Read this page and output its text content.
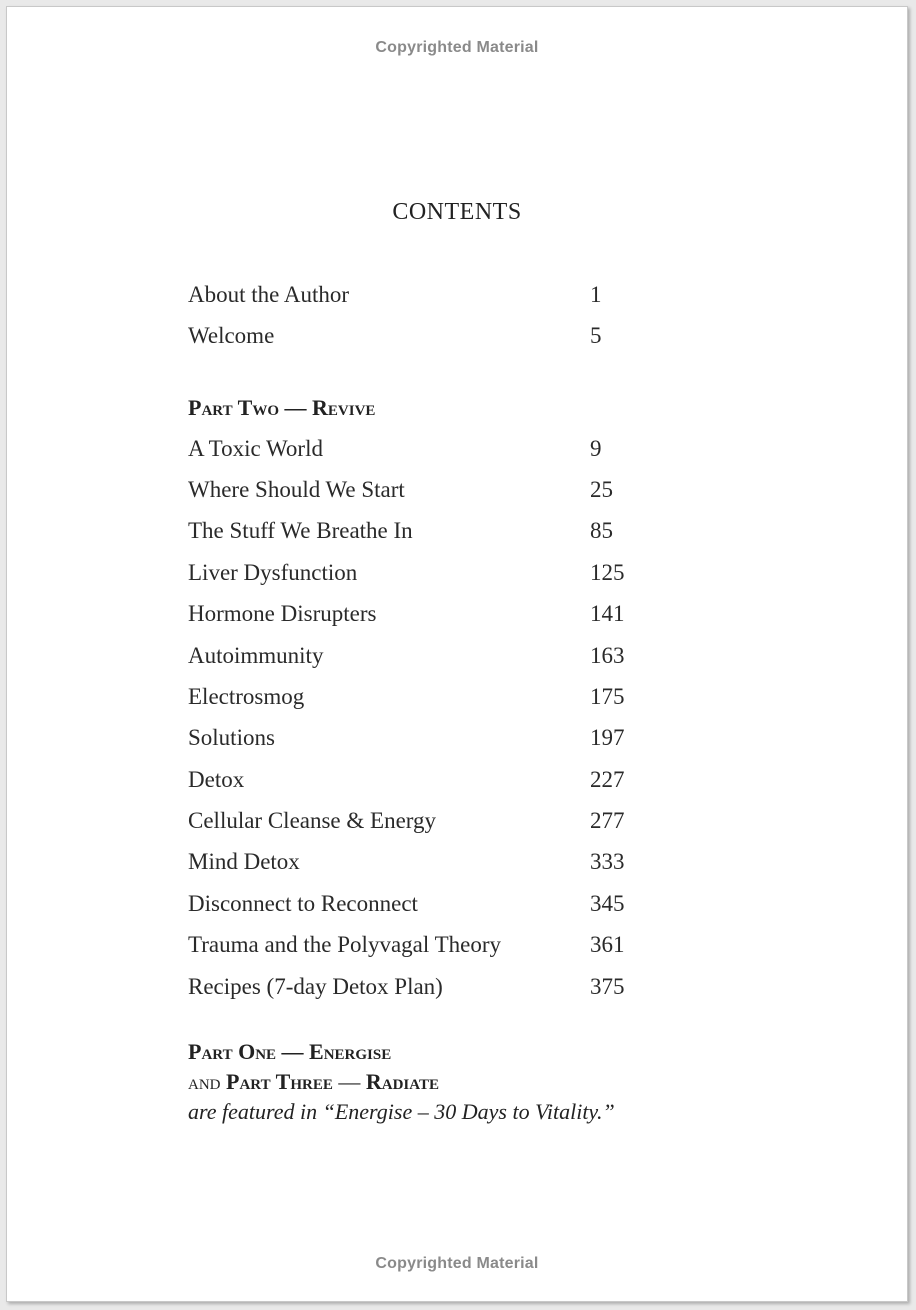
Copyrighted Material
CONTENTS
About the Author	1
Welcome	5
Part Two — Revive
A Toxic World	9
Where Should We Start	25
The Stuff We Breathe In	85
Liver Dysfunction	125
Hormone Disrupters	141
Autoimmunity	163
Electrosmog	175
Solutions	197
Detox	227
Cellular Cleanse & Energy	277
Mind Detox	333
Disconnect to Reconnect	345
Trauma and the Polyvagal Theory	361
Recipes (7-day Detox Plan)	375
Part One — Energise
and Part Three — Radiate
are featured in “Energise – 30 Days to Vitality.”
Copyrighted Material
